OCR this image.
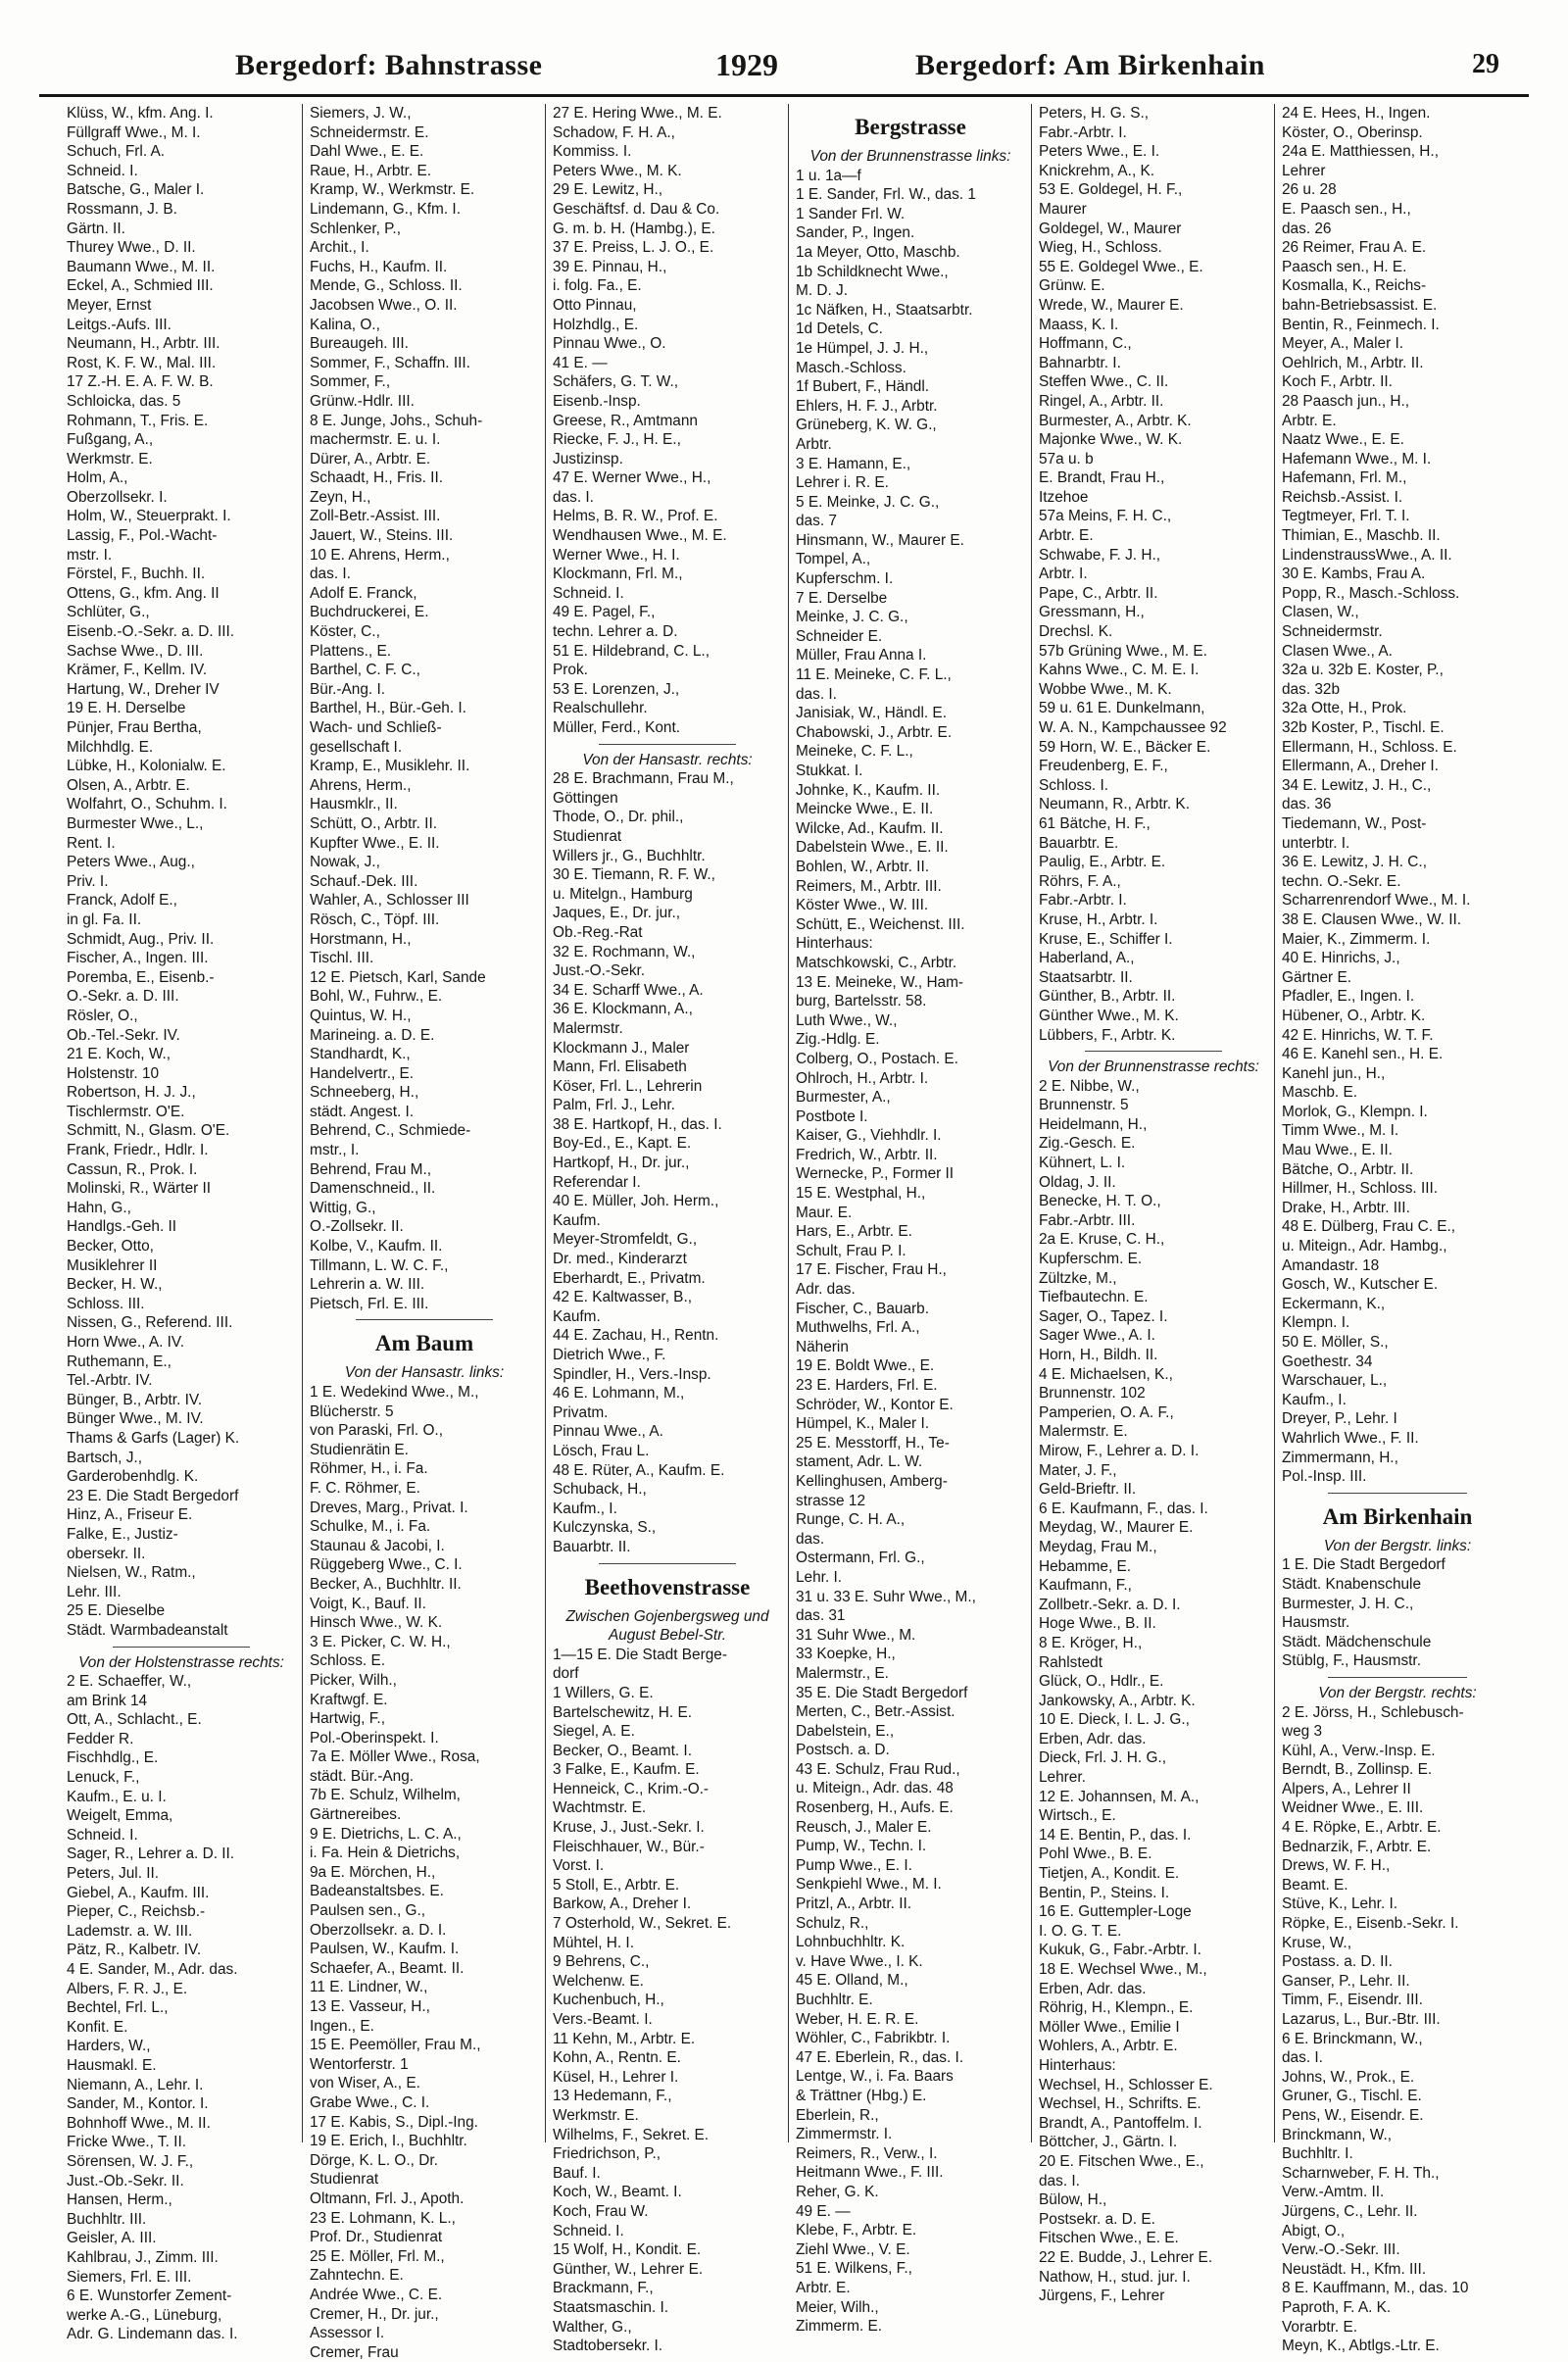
Bergedorf: Bahnstrasse	1929	Bergedorf: Am Birkenhain	29
Klüss, W., kfm. Ang. I.
Füllgraff Wwe., M. I.
Schuch, Frl. A.
Schneid. I.
Batsche, G., Maler I.
Rossmann, J. B.
Gärtn. II.
Thurey Wwe., D. II.
Baumann Wwe., M. II.
Eckel, A., Schmied III.
Meyer, Ernst
Leitgs.-Aufs. III.
Neumann, H., Arbtr. III.
Rost, K. F. W., Mal. III.
17 Z.-H. E. A. F. W. B.
Schloicka, das. 5
Rohmann, T., Fris. E.
Fußgang, A.,
Werkmstr. E.
Holm, A.,
Oberzollsekr. I.
Holm, W., Steuerprakt. I.
Lassig, F., Pol.-Wacht-
mstr. I.
Förstel, F., Buchh. II.
Ottens, G., kfm. Ang. II
Schlüter, G.,
Eisenb.-O.-Sekr. a. D. III.
Sachse Wwe., D. III.
Krämer, F., Kellm. IV.
Hartung, W., Dreher IV
19 E. H. Derselbe
Pünjer, Frau Bertha,
Milchhdlg. E.
Lübke, H., Kolonialw. E.
Olsen, A., Arbtr. E.
Wolfahrt, O., Schuhm. I.
Burmester Wwe., L.,
Rent. I.
Peters Wwe., Aug.,
Priv. I.
Franck, Adolf E.,
in gl. Fa. II.
Schmidt, Aug., Priv. II.
Fischer, A., Ingen. III.
Poremba, E., Eisenb.-
O.-Sekr. a. D. III.
Rösler, O.,
Ob.-Tel.-Sekr. IV.
21 E. Koch, W.,
Holstenstr. 10
Robertson, H. J. J.,
Tischlermstr. O'E.
Schmitt, N., Glasm. O'E.
Frank, Friedr., Hdlr. I.
Cassun, R., Prok. I.
Molinski, R., Wärter II
Hahn, G.,
Handlgs.-Geh. II
Becker, Otto,
Musiklehrer II
Becker, H. W.,
Schloss. III.
Nissen, G., Referend. III.
Horn Wwe., A. IV.
Ruthemann, E.,
Tel.-Arbtr. IV.
Bünger, B., Arbtr. IV.
Bünger Wwe., M. IV.
Thams & Garfs (Lager) K.
Bartsch, J.,
Garderobenhdlg. K.
23 E. Die Stadt Bergedorf
Hinz, A., Friseur E.
Falke, E., Justiz-
obersekr. II.
Nielsen, W., Ratm.,
Lehr. III.
25 E. Dieselbe
Städt. Warmbadeanstalt
Von der Holstenstrasse rechts:
2 E. Schaeffer, W.,
am Brink 14
Ott, A., Schlacht., E.
Fedder R.
Fischhdlg., E.
Lenuck, F.,
Kaufm., E. u. I.
Weigelt, Emma,
Schneid. I.
Sager, R., Lehrer a. D. II.
Peters, Jul. II.
Giebel, A., Kaufm. III.
Pieper, C., Reichsb.-
Lademstr. a. W. III.
Pätz, R., Kalbetr. IV.
4 E. Sander, M., Adr. das.
Albers, F. R. J., E.
Bechtel, Frl. L.,
Konfit. E.
Harders, W.,
Hausmakl. E.
Niemann, A., Lehr. I.
Sander, M., Kontor. I.
Bohnhoff Wwe., M. II.
Fricke Wwe., T. II.
Sörensen, W. J. F.,
Just.-Ob.-Sekr. II.
Hansen, Herm.,
Buchhltr. III.
Geisler, A. III.
Kahlbrau, J., Zimm. III.
Siemers, Frl. E. III.
6 E. Wunstorfer Zement-
werke A.-G., Lüneburg,
Adr. G. Lindemann das. I.
Siemers, J. W.,
Schneidermstr. E.
Dahl Wwe., E. E.
Raue, H., Arbtr. E.
Kramp, W., Werkmstr. E.
Lindemann, G., Kfm. I.
Schlenker, P.,
Archit., I.
Fuchs, H., Kaufm. II.
Mende, G., Schloss. II.
Jacobsen Wwe., O. II.
Kalina, O.,
Bureaugeh. III.
Sommer, F., Schaffn. III.
Sommer, F.,
Grünw.-Hdlr. III.
8 E. Junge, Johs., Schuh-
machermstr. E. u. I.
Dürer, A., Arbtr. E.
Schaadt, H., Fris. II.
Zeyn, H.,
Zoll-Betr.-Assist. III.
Jauert, W., Steins. III.
10 E. Ahrens, Herm.,
das. I.
Adolf E. Franck,
Buchdruckerei, E.
Köster, C.,
Plattens., E.
Barthel, C. F. C.,
Bür.-Ang. I.
Barthel, H., Bür.-Geh. I.
Wach- und Schließ-
gesellschaft I.
Kramp, E., Musiklehr. II.
Ahrens, Herm.,
Hausmklr., II.
Schütt, O., Arbtr. II.
Kupfter Wwe., E. II.
Nowak, J.,
Schauf.-Dek. III.
Wahler, A., Schlosser III
Rösch, C., Töpf. III.
Horstmann, H.,
Tischl. III.
12 E. Pietsch, Karl, Sande
Bohl, W., Fuhrw., E.
Quintus, W. H.,
Marineing. a. D. E.
Standhardt, K.,
Handelvertr., E.
Schneeberg, H.,
städt. Angest. I.
Behrend, C., Schmiede-
mstr., I.
Behrend, Frau M.,
Damenschneid., II.
Wittig, G.,
O.-Zollsekr. II.
Kolbe, V., Kaufm. II.
Tillmann, L. W. C. F.,
Lehrerin a. W. III.
Pietsch, Frl. E. III.
Am Baum
Von der Hansastr. links:
1 E. Wedekind Wwe., M.,
Blücherstr. 5
von Paraski, Frl. O.,
Studienrätin E.
Röhmer, H., i. Fa.
F. C. Röhmer, E.
Dreves, Marg., Privat. I.
Schulke, M., i. Fa.
Staunau & Jacobi, I.
Rüggeberg Wwe., C. I.
Becker, A., Buchhltr. II.
Voigt, K., Bauf. II.
Hinsch Wwe., W. K.
3 E. Picker, C. W. H.,
Schloss. E.
Picker, Wilh.,
Kraftwgf. E.
Hartwig, F.,
Pol.-Oberinspekt. I.
7a E. Möller Wwe., Rosa,
städt. Bür.-Ang.
7b E. Schulz, Wilhelm,
Gärtnereibes.
9 E. Dietrichs, L. C. A.,
i. Fa. Hein & Dietrichs,
9a E. Mörchen, H.,
Badeanstaltsbes. E.
Paulsen sen., G.,
Oberzollsekr. a. D. I.
Paulsen, W., Kaufm. I.
Schaefer, A., Beamt. II.
11 E. Lindner, W.,
13 E. Vasseur, H.,
Ingen., E.
15 E. Peemöller, Frau M.,
Wentorferstr. 1
von Wiser, A., E.
Grabe Wwe., C. I.
17 E. Kabis, S., Dipl.-Ing.
19 E. Erich, I., Buchhltr.
Dörge, K. L. O., Dr.
Studienrat
Oltmann, Frl. J., Apoth.
23 E. Lohmann, K. L.,
Prof. Dr., Studienrat
25 E. Möller, Frl. M.,
Zahntechn. E.
Andrée Wwe., C. E.
Cremer, H., Dr. jur.,
Assessor I.
Cremer, Frau
27 E. Hering Wwe., M. E.
Schadow, F. H. A.,
Kommiss. I.
Peters Wwe., M. K.
29 E. Lewitz, H.,
Geschäftsf. d. Dau & Co.
G. m. b. H. (Hambg.), E.
37 E. Preiss, L. J. O., E.
39 E. Pinnau, H.,
i. folg. Fa., E.
Otto Pinnau,
Holzhdlg., E.
Pinnau Wwe., O.
41 E. —
Schäfers, G. T. W.,
Eisenb.-Insp.
Greese, R., Amtmann
Riecke, F. J., H. E.,
Justizinsp.
47 E. Werner Wwe., H.,
das. I.
Helms, B. R. W., Prof. E.
Wendhausen Wwe., M. E.
Werner Wwe., H. I.
Klockmann, Frl. M.,
Schneid. I.
49 E. Pagel, F.,
techn. Lehrer a. D.
51 E. Hildebrand, C. L.,
Prok.
53 E. Lorenzen, J.,
Realschullehr.
Müller, Ferd., Kont.
Von der Hansastr. rechts:
28 E. Brachmann, Frau M.,
Göttingen
Thode, O., Dr. phil.,
Studienrat
Willers jr., G., Buchhltr.
30 E. Tiemann, R. F. W.,
u. Mitelgn., Hamburg
Jaques, E., Dr. jur.,
Ob.-Reg.-Rat
32 E. Rochmann, W.,
Just.-O.-Sekr.
34 E. Scharff Wwe., A.
36 E. Klockmann, A.,
Malermstr.
Klockmann J., Maler
Mann, Frl. Elisabeth
Köser, Frl. L., Lehrerin
Palm, Frl. J., Lehr.
38 E. Hartkopf, H., das. I.
Boy-Ed., E., Kapt. E.
Hartkopf, H., Dr. jur.,
Referendar I.
40 E. Müller, Joh. Herm.,
Kaufm.
Meyer-Stromfeldt, G.,
Dr. med., Kinderarzt
Eberhardt, E., Privatm.
42 E. Kaltwasser, B.,
Kaufm.
44 E. Zachau, H., Rentn.
Dietrich Wwe., F.
Spindler, H., Vers.-Insp.
46 E. Lohmann, M.,
Privatm.
Pinnau Wwe., A.
Lösch, Frau L.
48 E. Rüter, A., Kaufm. E.
Schuback, H.,
Kaufm., I.
Kulczynska, S.,
Bauarbtr. II.
Beethovenstrasse
Zwischen Gojenbergsweg und August Bebel-Str.
1—15 E. Die Stadt Berge-
dorf
1 Willers, G. E.
Bartelschewitz, H. E.
Siegel, A. E.
Becker, O., Beamt. I.
3 Falke, E., Kaufm. E.
Henneick, C., Krim.-O.-
Wachtmstr. E.
Kruse, J., Just.-Sekr. I.
Fleischhauer, W., Bür.-
Vorst. I.
5 Stoll, E., Arbtr. E.
Barkow, A., Dreher I.
7 Osterhold, W., Sekret. E.
Mühtel, H. I.
9 Behrens, C.,
Welchenw. E.
Kuchenbuch, H.,
Vers.-Beamt. I.
11 Kehn, M., Arbtr. E.
Kohn, A., Rentn. E.
Küsel, H., Lehrer I.
13 Hedemann, F.,
Werkmstr. E.
Wilhelms, F., Sekret. E.
Friedrichson, P.,
Bauf. I.
Koch, W., Beamt. I.
Koch, Frau W.
Schneid. I.
15 Wolf, H., Kondit. E.
Günther, W., Lehrer E.
Brackmann, F.,
Staatsmaschin. I.
Walther, G.,
Stadtobersekr. I.
Bergstrasse
Von der Brunnenstrasse links:
1 u. 1a—f
1 E. Sander, Frl. W., das. 1
1 Sander Frl. W.
Sander, P., Ingen.
1a Meyer, Otto, Maschb.
1b Schildknecht Wwe.,
M. D. J.
1c Näfken, H., Staatsarbtr.
1d Detels, C.
1e Hümpel, J. J. H.,
Masch.-Schloss.
1f Bubert, F., Händl.
Ehlers, H. F. J., Arbtr.
Grüneberg, K. W. G.,
Arbtr.
3 E. Hamann, E.,
Lehrer i. R. E.
5 E. Meinke, J. C. G.,
das. 7
Hinsmann, W., Maurer E.
Tompel, A.,
Kupferschm. I.
7 E. Derselbe
Meinke, J. C. G.,
Schneider E.
Müller, Frau Anna I.
11 E. Meineke, C. F. L.,
das. I.
Janisiak, W., Händl. E.
Chabowski, J., Arbtr. E.
Meineke, C. F. L.,
Stukkat. I.
Johnke, K., Kaufm. II.
Meincke Wwe., E. II.
Wilcke, Ad., Kaufm. II.
Dabelstein Wwe., E. II.
Bohlen, W., Arbtr. II.
Reimers, M., Arbtr. III.
Köster Wwe., W. III.
Schütt, E., Weichenst. III.
Hinterhaus:
Matschkowski, C., Arbtr.
13 E. Meineke, W., Ham-
burg, Bartelsstr. 58.
Luth Wwe., W.,
Zig.-Hdlg. E.
Colberg, O., Postach. E.
Ohlroch, H., Arbtr. I.
Burmester, A.,
Postbote I.
Kaiser, G., Viehhdlr. I.
Fredrich, W., Arbtr. II.
Wernecke, P., Former II
15 E. Westphal, H.,
Maur. E.
Hars, E., Arbtr. E.
Schult, Frau P. I.
17 E. Fischer, Frau H.,
Adr. das.
Fischer, C., Bauarb.
Muthwelhs, Frl. A.,
Näherin
19 E. Boldt Wwe., E.
23 E. Harders, Frl. E.
Schröder, W., Kontor E.
Hümpel, K., Maler I.
25 E. Messtorff, H., Te-
stament, Adr. L. W.
Kellinghusen, Amberg-
strasse 12
Runge, C. H. A.,
das.
Ostermann, Frl. G.,
Lehr. I.
31 u. 33 E. Suhr Wwe., M.,
das. 31
31 Suhr Wwe., M.
33 Koepke, H.,
Malermstr., E.
35 E. Die Stadt Bergedorf
Merten, C., Betr.-Assist.
Dabelstein, E.,
Postsch. a. D.
43 E. Schulz, Frau Rud.,
u. Miteign., Adr. das. 48
Rosenberg, H., Aufs. E.
Reusch, J., Maler E.
Pump, W., Techn. I.
Pump Wwe., E. I.
Senkpiehl Wwe., M. I.
Pritzl, A., Arbtr. II.
Schulz, R.,
Lohnbuchhltr. K.
v. Have Wwe., I. K.
45 E. Olland, M.,
Buchhltr. E.
Weber, H. E. R. E.
Wöhler, C., Fabrikbtr. I.
47 E. Eberlein, R., das. I.
Lentge, W., i. Fa. Baars
& Trättner (Hbg.) E.
Eberlein, R.,
Zimmermstr. I.
Reimers, R., Verw., I.
Heitmann Wwe., F. III.
Reher, G. K.
49 E. —
Klebe, F., Arbtr. E.
Ziehl Wwe., V. E.
51 E. Wilkens, F.,
Arbtr. E.
Meier, Wilh.,
Zimmerm. E.
Peters, H. G. S.,
Fabr.-Arbtr. I.
Peters Wwe., E. I.
Knickrehm, A., K.
53 E. Goldegel, H. F.,
Maurer
Goldegel, W., Maurer
Wieg, H., Schloss.
55 E. Goldegel Wwe., E.
Grünw. E.
Wrede, W., Maurer E.
Maass, K. I.
Hoffmann, C.,
Bahnarbtr. I.
Steffen Wwe., C. II.
Ringel, A., Arbtr. II.
Burmester, A., Arbtr. K.
Majonke Wwe., W. K.
57a u. b
E. Brandt, Frau H.,
Itzehoe
57a Meins, F. H. C.,
Arbtr. E.
Schwabe, F. J. H.,
Arbtr. I.
Pape, C., Arbtr. II.
Gressmann, H.,
Drechsl. K.
57b Grüning Wwe., M. E.
Kahns Wwe., C. M. E. I.
Wobbe Wwe., M. K.
59 u. 61 E. Dunkelmann,
W. A. N., Kampchaussee 92
59 Horn, W. E., Bäcker E.
Freudenberg, E. F.,
Schloss. I.
Neumann, R., Arbtr. K.
61 Bätche, H. F.,
Bauarbtr. E.
Paulig, E., Arbtr. E.
Röhrs, F. A.,
Fabr.-Arbtr. I.
Kruse, H., Arbtr. I.
Kruse, E., Schiffer I.
Haberland, A.,
Staatsarbtr. II.
Günther, B., Arbtr. II.
Günther Wwe., M. K.
Lübbers, F., Arbtr. K.
Von der Brunnenstrasse rechts:
2 E. Nibbe, W.,
Brunnenstr. 5
Heidelmann, H.,
Zig.-Gesch. E.
Kühnert, L. I.
Oldag, J. II.
Benecke, H. T. O.,
Fabr.-Arbtr. III.
2a E. Kruse, C. H.,
Kupferschm. E.
Zültzke, M.,
Tiefbautechn. E.
Sager, O., Tapez. I.
Sager Wwe., A. I.
Horn, H., Bildh. II.
4 E. Michaelsen, K.,
Brunnenstr. 102
Pamperien, O. A. F.,
Malermstr. E.
Mirow, F., Lehrer a. D. I.
Mater, J. F.,
Geld-Brieftr. II.
6 E. Kaufmann, F., das. I.
Meydag, W., Maurer E.
Meydag, Frau M.,
Hebamme, E.
Kaufmann, F.,
Zollbetr.-Sekr. a. D. I.
Hoge Wwe., B. II.
8 E. Kröger, H.,
Rahlstedt
Glück, O., Hdlr., E.
Jankowsky, A., Arbtr. K.
10 E. Dieck, I. L. J. G.,
Erben, Adr. das.
Dieck, Frl. J. H. G.,
Lehrer.
12 E. Johannsen, M. A.,
Wirtsch., E.
14 E. Bentin, P., das. I.
Pohl Wwe., B. E.
Tietjen, A., Kondit. E.
Bentin, P., Steins. I.
16 E. Guttempler-Loge
I. O. G. T. E.
Kukuk, G., Fabr.-Arbtr. I.
18 E. Wechsel Wwe., M.,
Erben, Adr. das.
Röhrig, H., Klempn., E.
Möller Wwe., Emilie I
Wohlers, A., Arbtr. E.
Hinterhaus:
Wechsel, H., Schlosser E.
Wechsel, H., Schrifts. E.
Brandt, A., Pantoffelm. I.
Böttcher, J., Gärtn. I.
20 E. Fitschen Wwe., E.,
das. I.
Bülow, H.,
Postsekr. a. D. E.
Fitschen Wwe., E. E.
22 E. Budde, J., Lehrer E.
Nathow, H., stud. jur. I.
Jürgens, F., Lehrer
24 E. Hees, H., Ingen.
Köster, O., Oberinsp.
24a E. Matthiessen, H.,
Lehrer
26 u. 28
E. Paasch sen., H.,
das. 26
26 Reimer, Frau A. E.
Paasch sen., H. E.
Kosmalla, K., Reichs-
bahn-Betriebsassist. E.
Bentin, R., Feinmech. I.
Meyer, A., Maler I.
Oehlrich, M., Arbtr. II.
Koch F., Arbtr. II.
28 Paasch jun., H.,
Arbtr. E.
Naatz Wwe., E. E.
Hafemann Wwe., M. I.
Hafemann, Frl. M.,
Reichsb.-Assist. I.
Tegtmeyer, Frl. T. I.
Thimian, E., Maschb. II.
LindenstraussWwe., A. II.
30 E. Kambs, Frau A.
Popp, R., Masch.-Schloss.
Clasen, W.,
Schneidermstr.
Clasen Wwe., A.
32a u. 32b E. Koster, P.,
das. 32b
32a Otte, H., Prok.
32b Koster, P., Tischl. E.
Ellermann, H., Schloss. E.
Ellermann, A., Dreher I.
34 E. Lewitz, J. H., C.,
das. 36
Tiedemann, W., Post-
unterbtr. I.
36 E. Lewitz, J. H. C.,
techn. O.-Sekr. E.
Scharrenrendorf Wwe., M. I.
38 E. Clausen Wwe., W. II.
Maier, K., Zimmerm. I.
40 E. Hinrichs, J.,
Gärtner E.
Pfadler, E., Ingen. I.
Hübener, O., Arbtr. K.
42 E. Hinrichs, W. T. F.
46 E. Kanehl sen., H. E.
Kanehl jun., H.,
Maschb. E.
Morlok, G., Klempn. I.
Timm Wwe., M. I.
Mau Wwe., E. II.
Bätche, O., Arbtr. II.
Hillmer, H., Schloss. III.
Drake, H., Arbtr. III.
48 E. Dülberg, Frau C. E.,
u. Miteign., Adr. Hambg.,
Amandastr. 18
Gosch, W., Kutscher E.
Eckermann, K.,
Klempn. I.
50 E. Möller, S.,
Goethestr. 34
Warschauer, L.,
Kaufm., I.
Dreyer, P., Lehr. I
Wahrlich Wwe., F. II.
Zimmermann, H.,
Pol.-Insp. III.
Am Birkenhain
Von der Bergstr. links:
1 E. Die Stadt Bergedorf
Städt. Knabenschule
Burmester, J. H. C.,
Hausmstr.
Städt. Mädchenschule
Stüblg, F., Hausmstr.
Von der Bergstr. rechts:
2 E. Jörss, H., Schlebusch-
weg 3
Kühl, A., Verw.-Insp. E.
Berndt, B., Zollinsp. E.
Alpers, A., Lehrer II
Weidner Wwe., E. III.
4 E. Röpke, E., Arbtr. E.
Bednarzik, F., Arbtr. E.
Drews, W. F. H.,
Beamt. E.
Stüve, K., Lehr. I.
Röpke, E., Eisenb.-Sekr. I.
Kruse, W.,
Postass. a. D. II.
Ganser, P., Lehr. II.
Timm, F., Eisendr. III.
Lazarus, L., Bur.-Btr. III.
6 E. Brinckmann, W.,
das. I.
Johns, W., Prok., E.
Gruner, G., Tischl. E.
Pens, W., Eisendr. E.
Brinckmann, W.,
Buchhltr. I.
Scharnweber, F. H. Th.,
Verw.-Amtm. II.
Jürgens, C., Lehr. II.
Abigt, O.,
Verw.-O.-Sekr. III.
Neustädt. H., Kfm. III.
8 E. Kauffmann, M., das. 10
Paproth, F. A. K.
Vorarbtr. E.
Meyn, K., Abtlgs.-Ltr. E.
